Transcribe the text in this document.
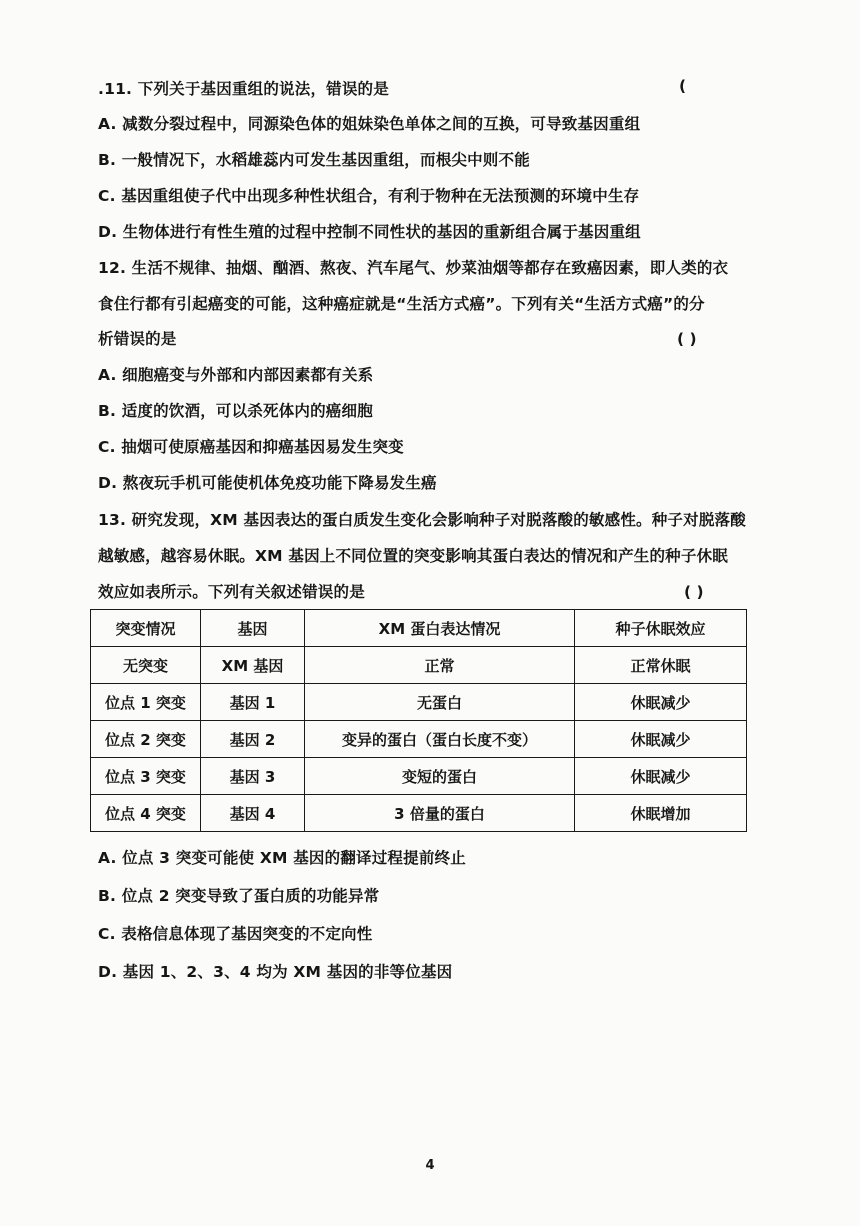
.11. 下列关于基因重组的说法，错误的是	(
A. 减数分裂过程中，同源染色体的姐妹染色单体之间的互换，可导致基因重组
B. 一般情况下，水稻雄蕊内可发生基因重组，而根尖中则不能
C. 基因重组使子代中出现多种性状组合，有利于物种在无法预测的环境中生存
D. 生物体进行有性生殖的过程中控制不同性状的基因的重新组合属于基因重组
12. 生活不规律、抽烟、酗酒、熬夜、汽车尾气、炒菜油烟等都存在致癌因素，即人类的衣
食住行都有引起癌变的可能，这种癌症就是“生活方式癌”。下列有关“生活方式癌”的分
析错误的是	( )
A. 细胞癌变与外部和内部因素都有关系
B. 适度的饮酒，可以杀死体内的癌细胞
C. 抽烟可使原癌基因和抑癌基因易发生突变
D. 熬夜玩手机可能使机体免疫功能下降易发生癌
13. 研究发现，XM 基因表达的蛋白质发生变化会影响种子对脱落酸的敏感性。种子对脱落酸
越敏感，越容易休眠。XM 基因上不同位置的突变影响其蛋白表达的情况和产生的种子休眠
效应如表所示。下列有关叙述错误的是	( )
突变情况	基因	XM 蛋白表达情况	种子休眠效应
无突变	XM 基因	正常	正常休眠
位点 1 突变	基因 1	无蛋白	休眠减少
位点 2 突变	基因 2	变异的蛋白（蛋白长度不变）	休眠减少
位点 3 突变	基因 3	变短的蛋白	休眠减少
位点 4 突变	基因 4	3 倍量的蛋白	休眠增加
A. 位点 3 突变可能使 XM 基因的翻译过程提前终止
B. 位点 2 突变导致了蛋白质的功能异常
C. 表格信息体现了基因突变的不定向性
D. 基因 1、2、3、4 均为 XM 基因的非等位基因
4
